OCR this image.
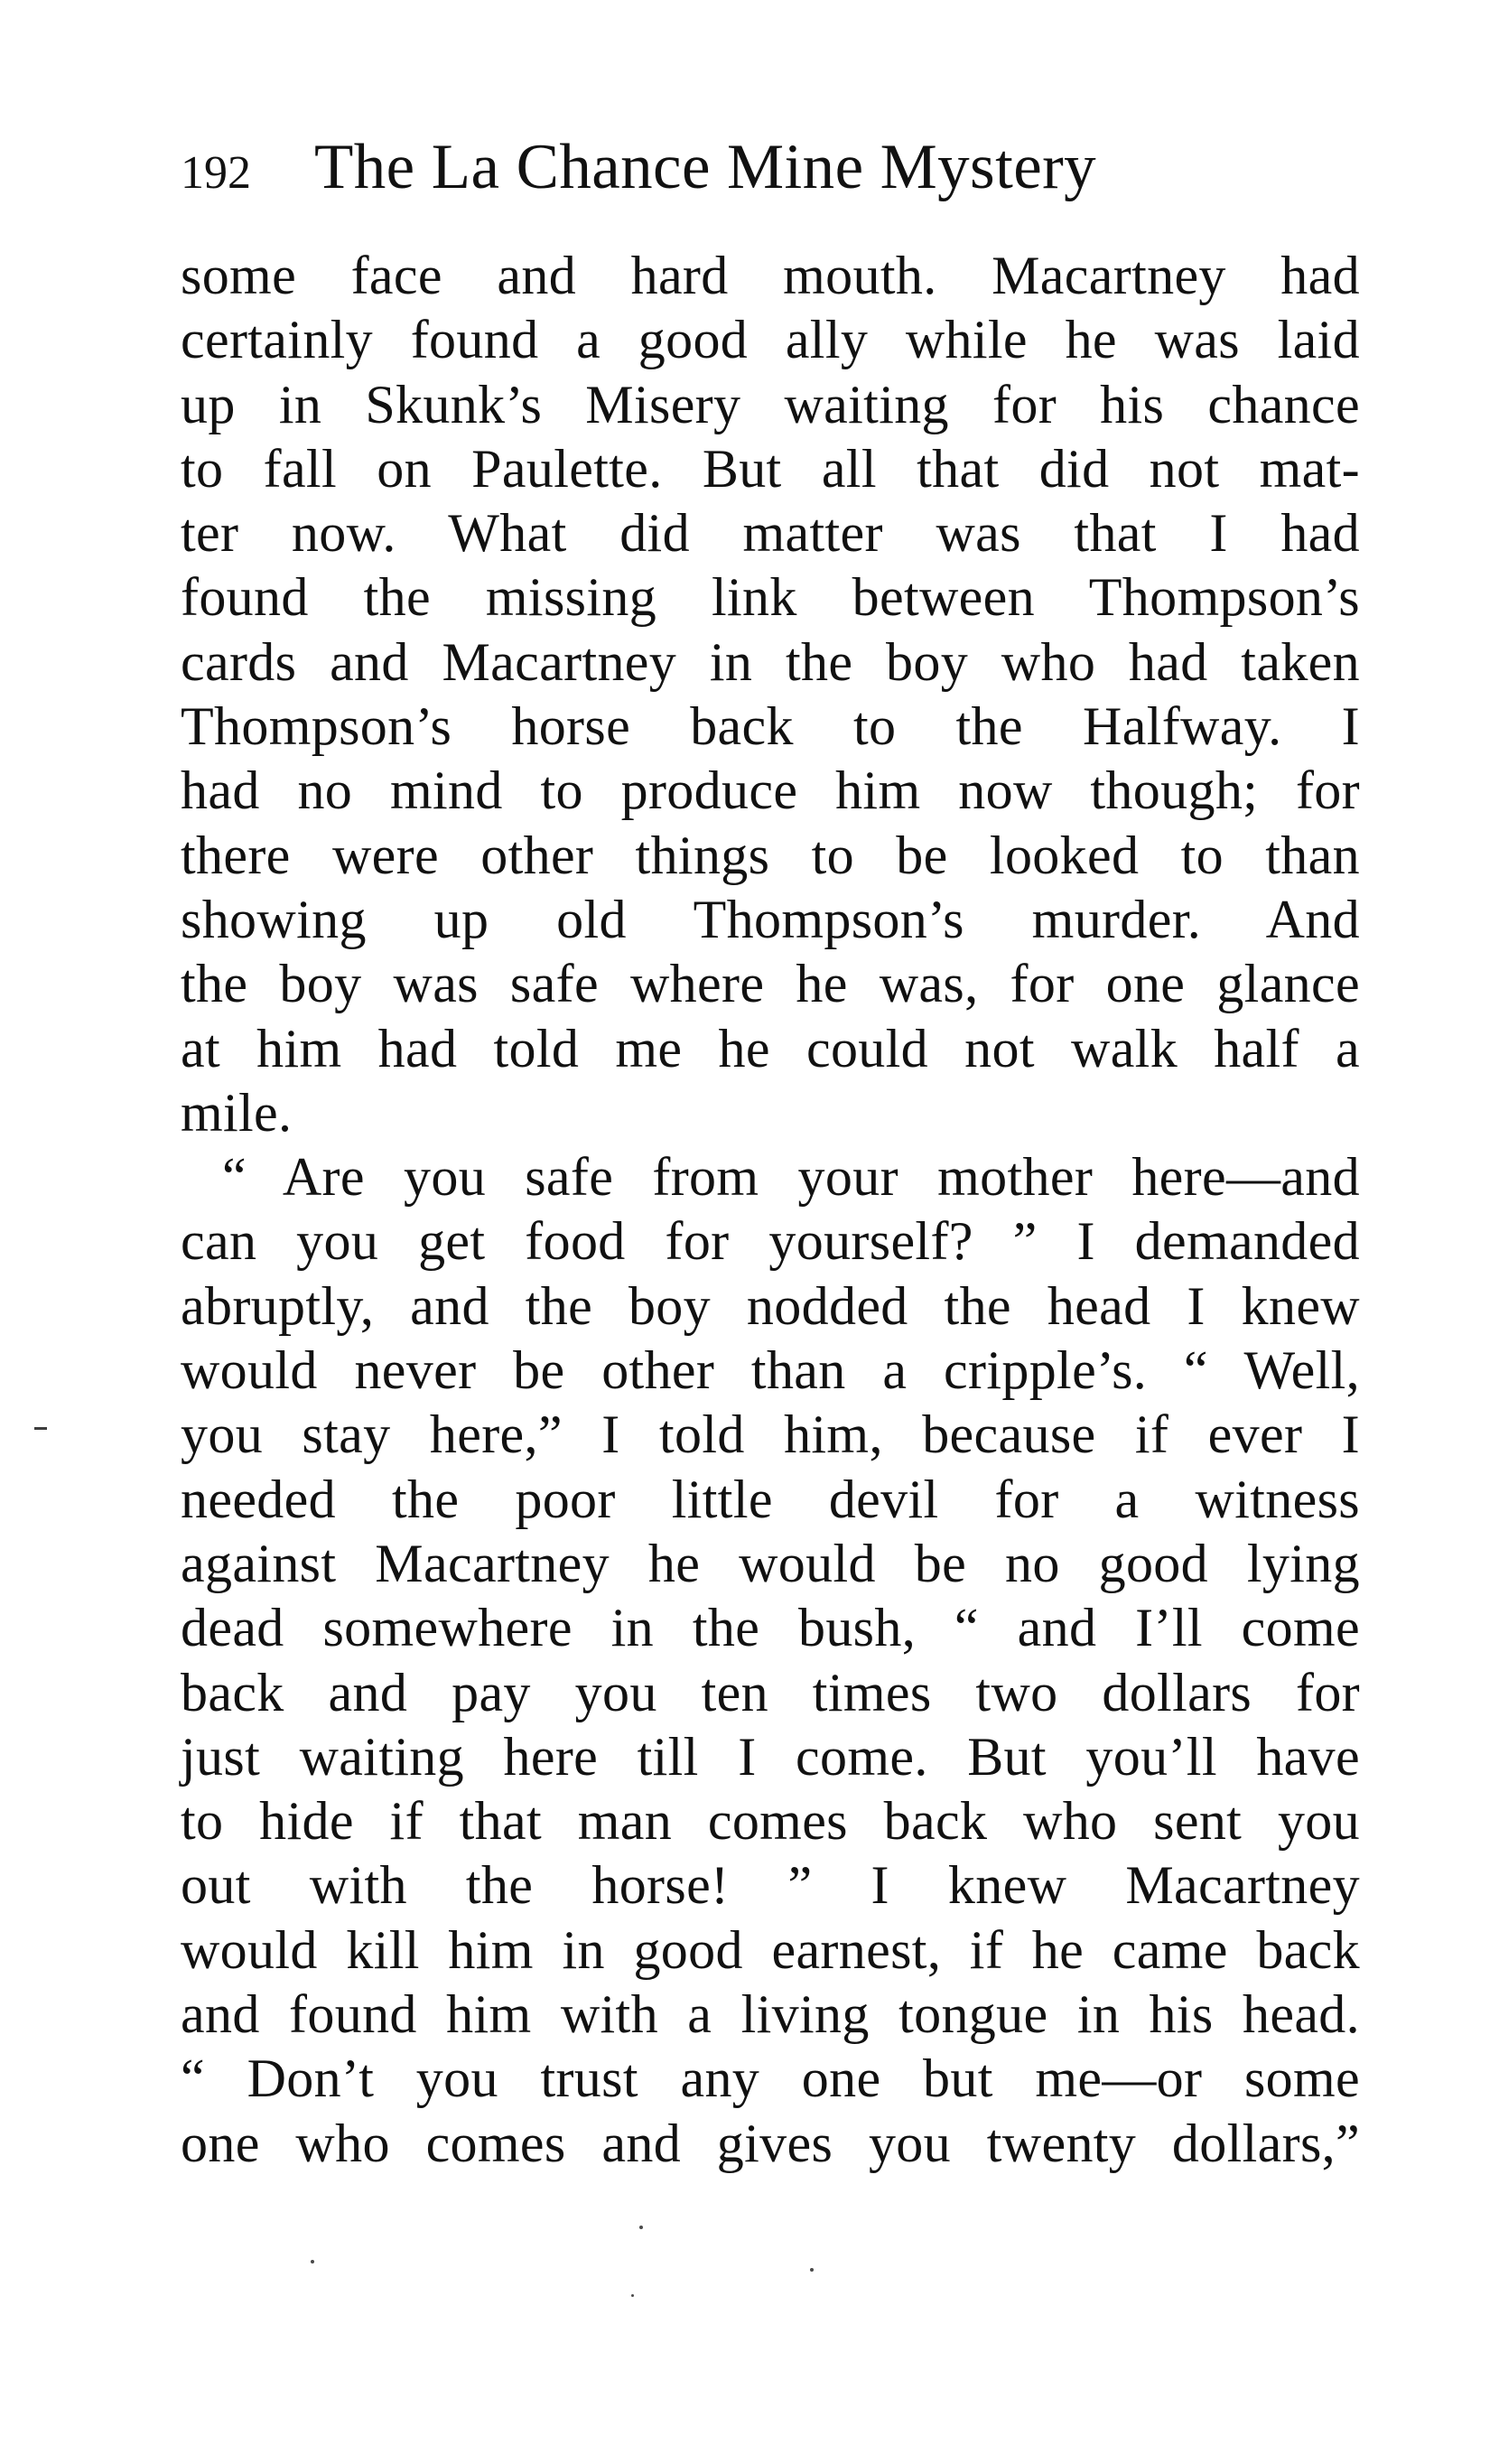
192 The La Chance Mine Mystery
some face and hard mouth. Macartney had
certainly found a good ally while he was laid
up in Skunk’s Misery waiting for his chance
to fall on Paulette. But all that did not mat-
ter now. What did matter was that I had
found the missing link between Thompson’s
cards and Macartney in the boy who had taken
Thompson’s horse back to the Halfway. I
had no mind to produce him now though; for
there were other things to be looked to than
showing up old Thompson’s murder. And
the boy was safe where he was, for one glance
at him had told me he could not walk half a
mile.
“ Are you safe from your mother here—and
can you get food for yourself? ” I demanded
abruptly, and the boy nodded the head I knew
would never be other than a cripple’s. “ Well,
you stay here,” I told him, because if ever I
needed the poor little devil for a witness
against Macartney he would be no good lying
dead somewhere in the bush, “ and I’ll come
back and pay you ten times two dollars for
just waiting here till I come. But you’ll have
to hide if that man comes back who sent you
out with the horse! ” I knew Macartney
would kill him in good earnest, if he came back
and found him with a living tongue in his head.
“ Don’t you trust any one but me—or some
one who comes and gives you twenty dollars,”
